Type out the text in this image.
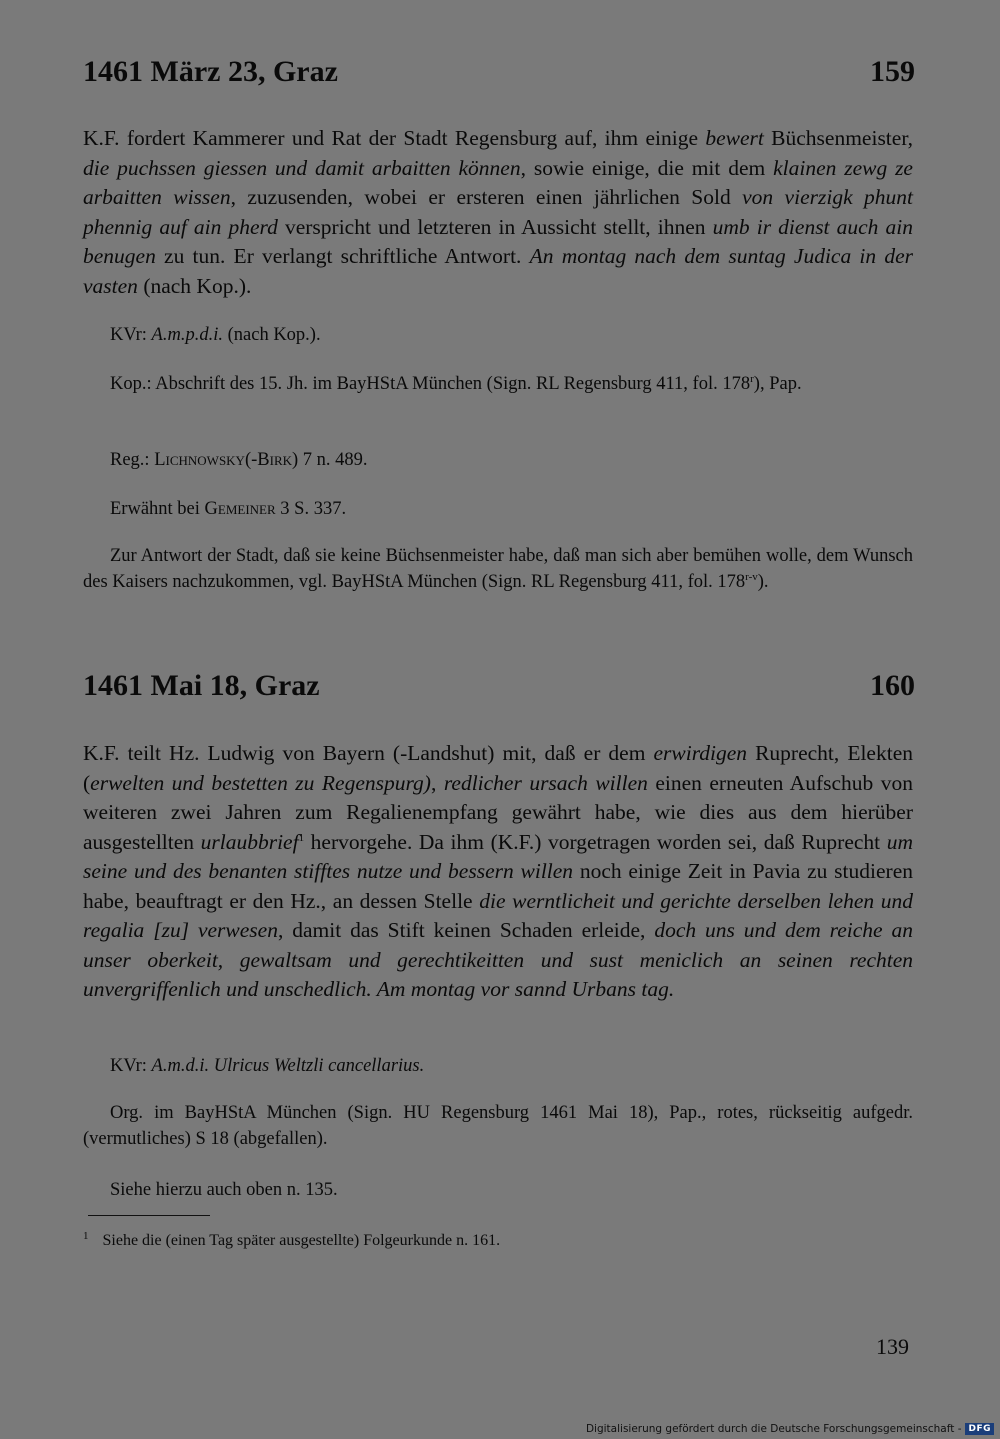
1461 März 23, Graz	159
K.F. fordert Kammerer und Rat der Stadt Regensburg auf, ihm einige bewert Büchsenmeister, die puchssen giessen und damit arbaitten können, sowie einige, die mit dem klainen zewg ze arbaitten wissen, zuzusenden, wobei er ersteren einen jährlichen Sold von vierzigk phunt phennig auf ain pherd verspricht und letzteren in Aussicht stellt, ihnen umb ir dienst auch ain benugen zu tun. Er verlangt schriftliche Antwort. An montag nach dem suntag Judica in der vasten (nach Kop.).
KVr: A.m.p.d.i. (nach Kop.).
Kop.: Abschrift des 15. Jh. im BayHStA München (Sign. RL Regensburg 411, fol. 178$^r$), Pap.
Reg.: Lichnowsky(-Birk) 7 n. 489.
Erwähnt bei Gemeiner 3 S. 337.
Zur Antwort der Stadt, daß sie keine Büchsenmeister habe, daß man sich aber bemühen wolle, dem Wunsch des Kaisers nachzukommen, vgl. BayHStA München (Sign. RL Regensburg 411, fol. 178$^{r-v}$).
1461 Mai 18, Graz	160
K.F. teilt Hz. Ludwig von Bayern (-Landshut) mit, daß er dem erwirdigen Ruprecht, Elekten (erwelten und bestetten zu Regenspurg), redlicher ursach willen einen erneuten Aufschub von weiteren zwei Jahren zum Regalienempfang gewährt habe, wie dies aus dem hierüber ausgestellten urlaubbrief$^1$ hervorgehe. Da ihm (K.F.) vorgetragen worden sei, daß Ruprecht um seine und des benanten stifftes nutze und bessern willen noch einige Zeit in Pavia zu studieren habe, beauftragt er den Hz., an dessen Stelle die werntlicheit und gerichte derselben lehen und regalia [zu] verwesen, damit das Stift keinen Schaden erleide, doch uns und dem reiche an unser oberkeit, gewaltsam und gerechtikeitten und sust meniclich an seinen rechten unvergriffenlich und unschedlich. Am montag vor sannd Urbans tag.
KVr: A.m.d.i. Ulricus Weltzli cancellarius.
Org. im BayHStA München (Sign. HU Regensburg 1461 Mai 18), Pap., rotes, rückseitig aufgedr. (vermutliches) S 18 (abgefallen).
Siehe hierzu auch oben n. 135.
$^1$ Siehe die (einen Tag später ausgestellte) Folgeurkunde n. 161.
139
Digitalisierung gefördert durch die Deutsche Forschungsgemeinschaft - DFG
